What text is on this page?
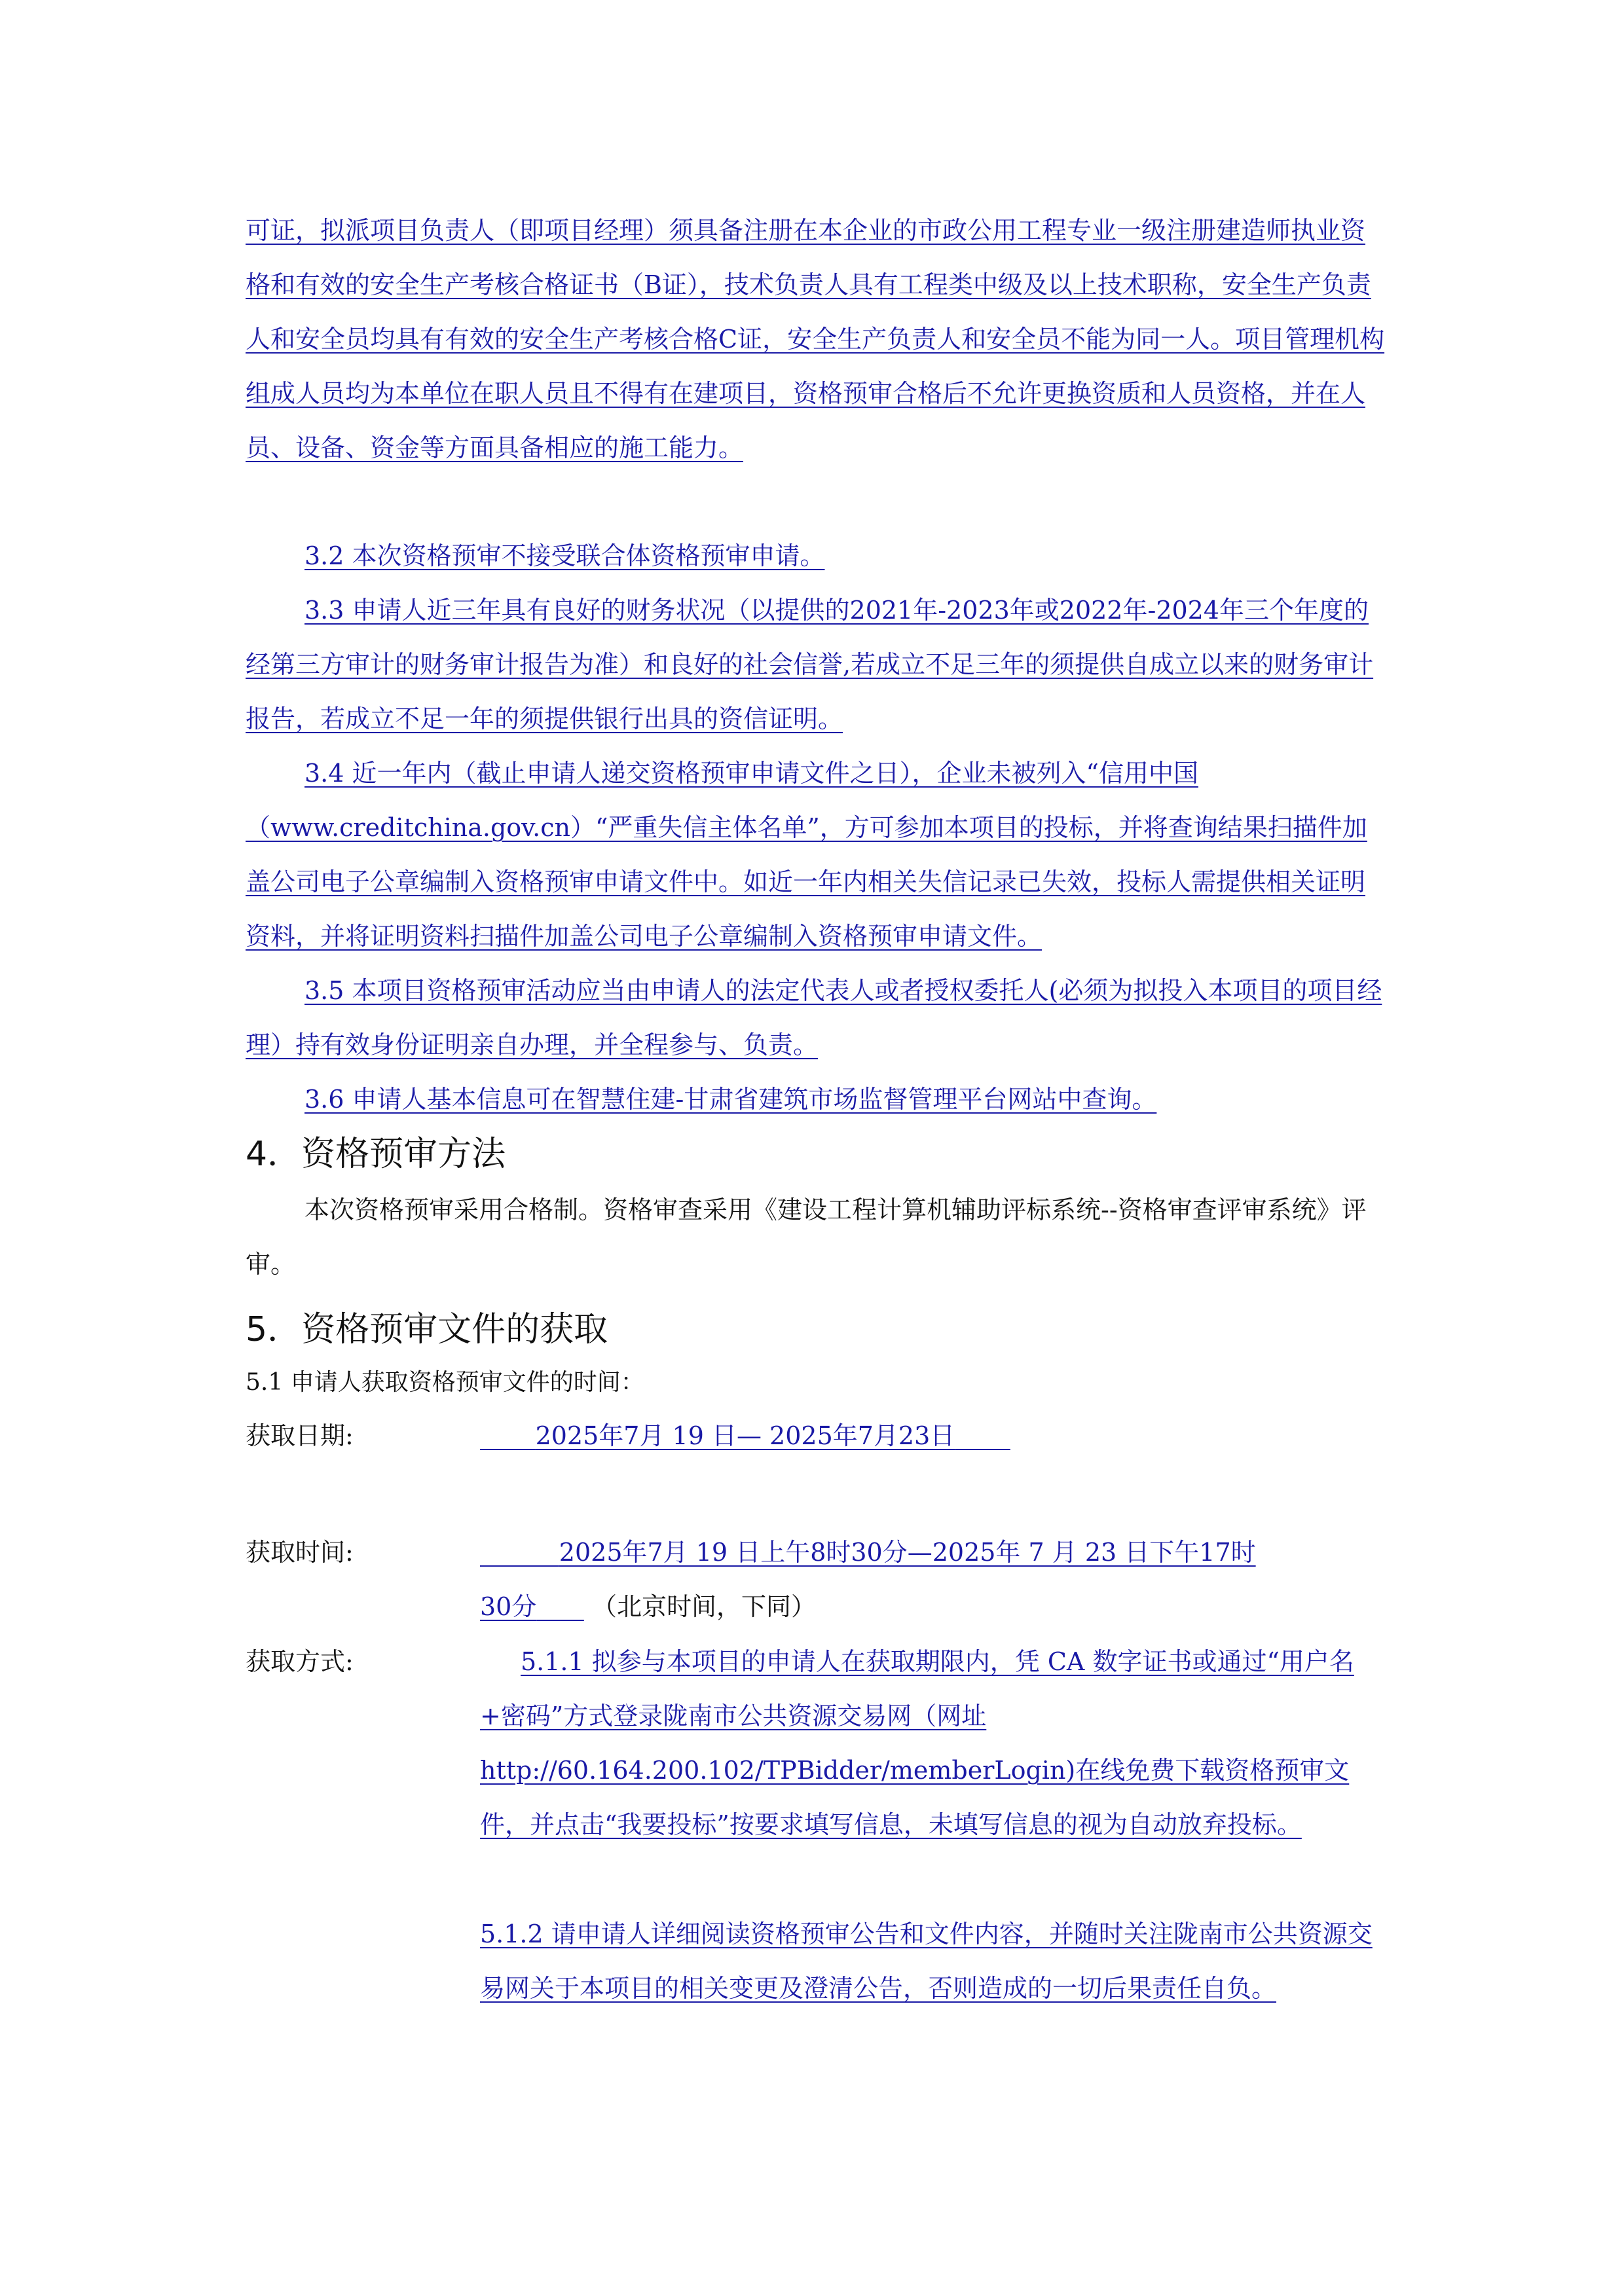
可证，拟派项目负责人（即项目经理）须具备注册在本企业的市政公用工程专业一级注册建造师执业资格和有效的安全生产考核合格证书（B证），技术负责人具有工程类中级及以上技术职称，安全生产负责人和安全员均具有有效的安全生产考核合格C证，安全生产负责人和安全员不能为同一人。项目管理机构组成人员均为本单位在职人员且不得有在建项目，资格预审合格后不允许更换资质和人员资格，并在人员、设备、资金等方面具备相应的施工能力。

3.2 本次资格预审不接受联合体资格预审申请。

3.3 申请人近三年具有良好的财务状况（以提供的2021年-2023年或2022年-2024年三个年度的经第三方审计的财务审计报告为准）和良好的社会信誉,若成立不足三年的须提供自成立以来的财务审计报告，若成立不足一年的须提供银行出具的资信证明。

3.4 近一年内（截止申请人递交资格预审申请文件之日），企业未被列入“信用中国（www.creditchina.gov.cn）“严重失信主体名单”，方可参加本项目的投标，并将查询结果扫描件加盖公司电子公章编制入资格预审申请文件中。如近一年内相关失信记录已失效，投标人需提供相关证明资料，并将证明资料扫描件加盖公司电子公章编制入资格预审申请文件。

3.5 本项目资格预审活动应当由申请人的法定代表人或者授权委托人(必须为拟投入本项目的项目经理）持有效身份证明亲自办理，并全程参与、负责。

3.6 申请人基本信息可在智慧住建-甘肃省建筑市场监督管理平台网站中查询。

4．资格预审方法

本次资格预审采用合格制。资格审查采用《建设工程计算机辅助评标系统--资格审查评审系统》评审。

5．资格预审文件的获取
5.1 申请人获取资格预审文件的时间：
获取日期:	2025年7月 19 日— 2025年7月23日
获取时间:	2025年7月 19 日上午8时30分—2025年 7 月 23 日下午17时
30分 （北京时间，下同）
获取方式:	5.1.1 拟参与本项目的申请人在获取期限内，凭 CA 数字证书或通过“用户名+密码”方式登录陇南市公共资源交易网（网址http://60.164.200.102/TPBidder/memberLogin)在线免费下载资格预审文件，并点击“我要投标”按要求填写信息，未填写信息的视为自动放弃投标。

5.1.2 请申请人详细阅读资格预审公告和文件内容，并随时关注陇南市公共资源交易网关于本项目的相关变更及澄清公告，否则造成的一切后果责任自负。
